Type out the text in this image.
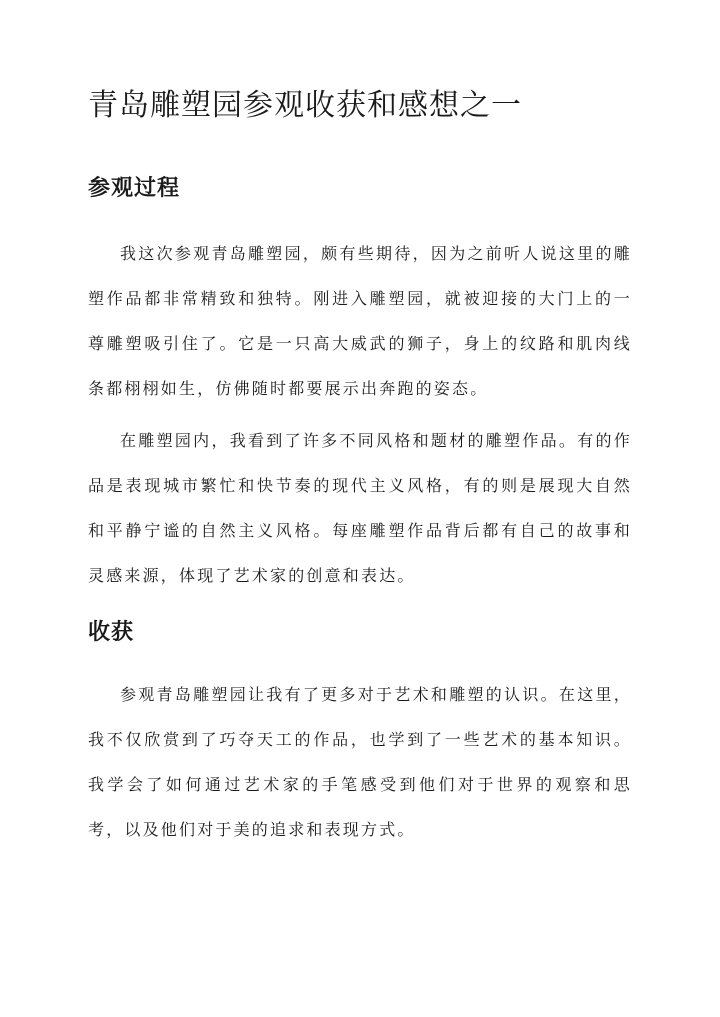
青岛雕塑园参观收获和感想之一
参观过程

我这次参观青岛雕塑园，颇有些期待，因为之前听人说这里的雕塑作品都非常精致和独特。刚进入雕塑园，就被迎接的大门上的一尊雕塑吸引住了。它是一只高大威武的狮子，身上的纹路和肌肉线条都栩栩如生，仿佛随时都要展示出奔跑的姿态。

在雕塑园内，我看到了许多不同风格和题材的雕塑作品。有的作品是表现城市繁忙和快节奏的现代主义风格，有的则是展现大自然和平静宁谧的自然主义风格。每座雕塑作品背后都有自己的故事和灵感来源，体现了艺术家的创意和表达。

收获

参观青岛雕塑园让我有了更多对于艺术和雕塑的认识。在这里，我不仅欣赏到了巧夺天工的作品，也学到了一些艺术的基本知识。我学会了如何通过艺术家的手笔感受到他们对于世界的观察和思考，以及他们对于美的追求和表现方式。
